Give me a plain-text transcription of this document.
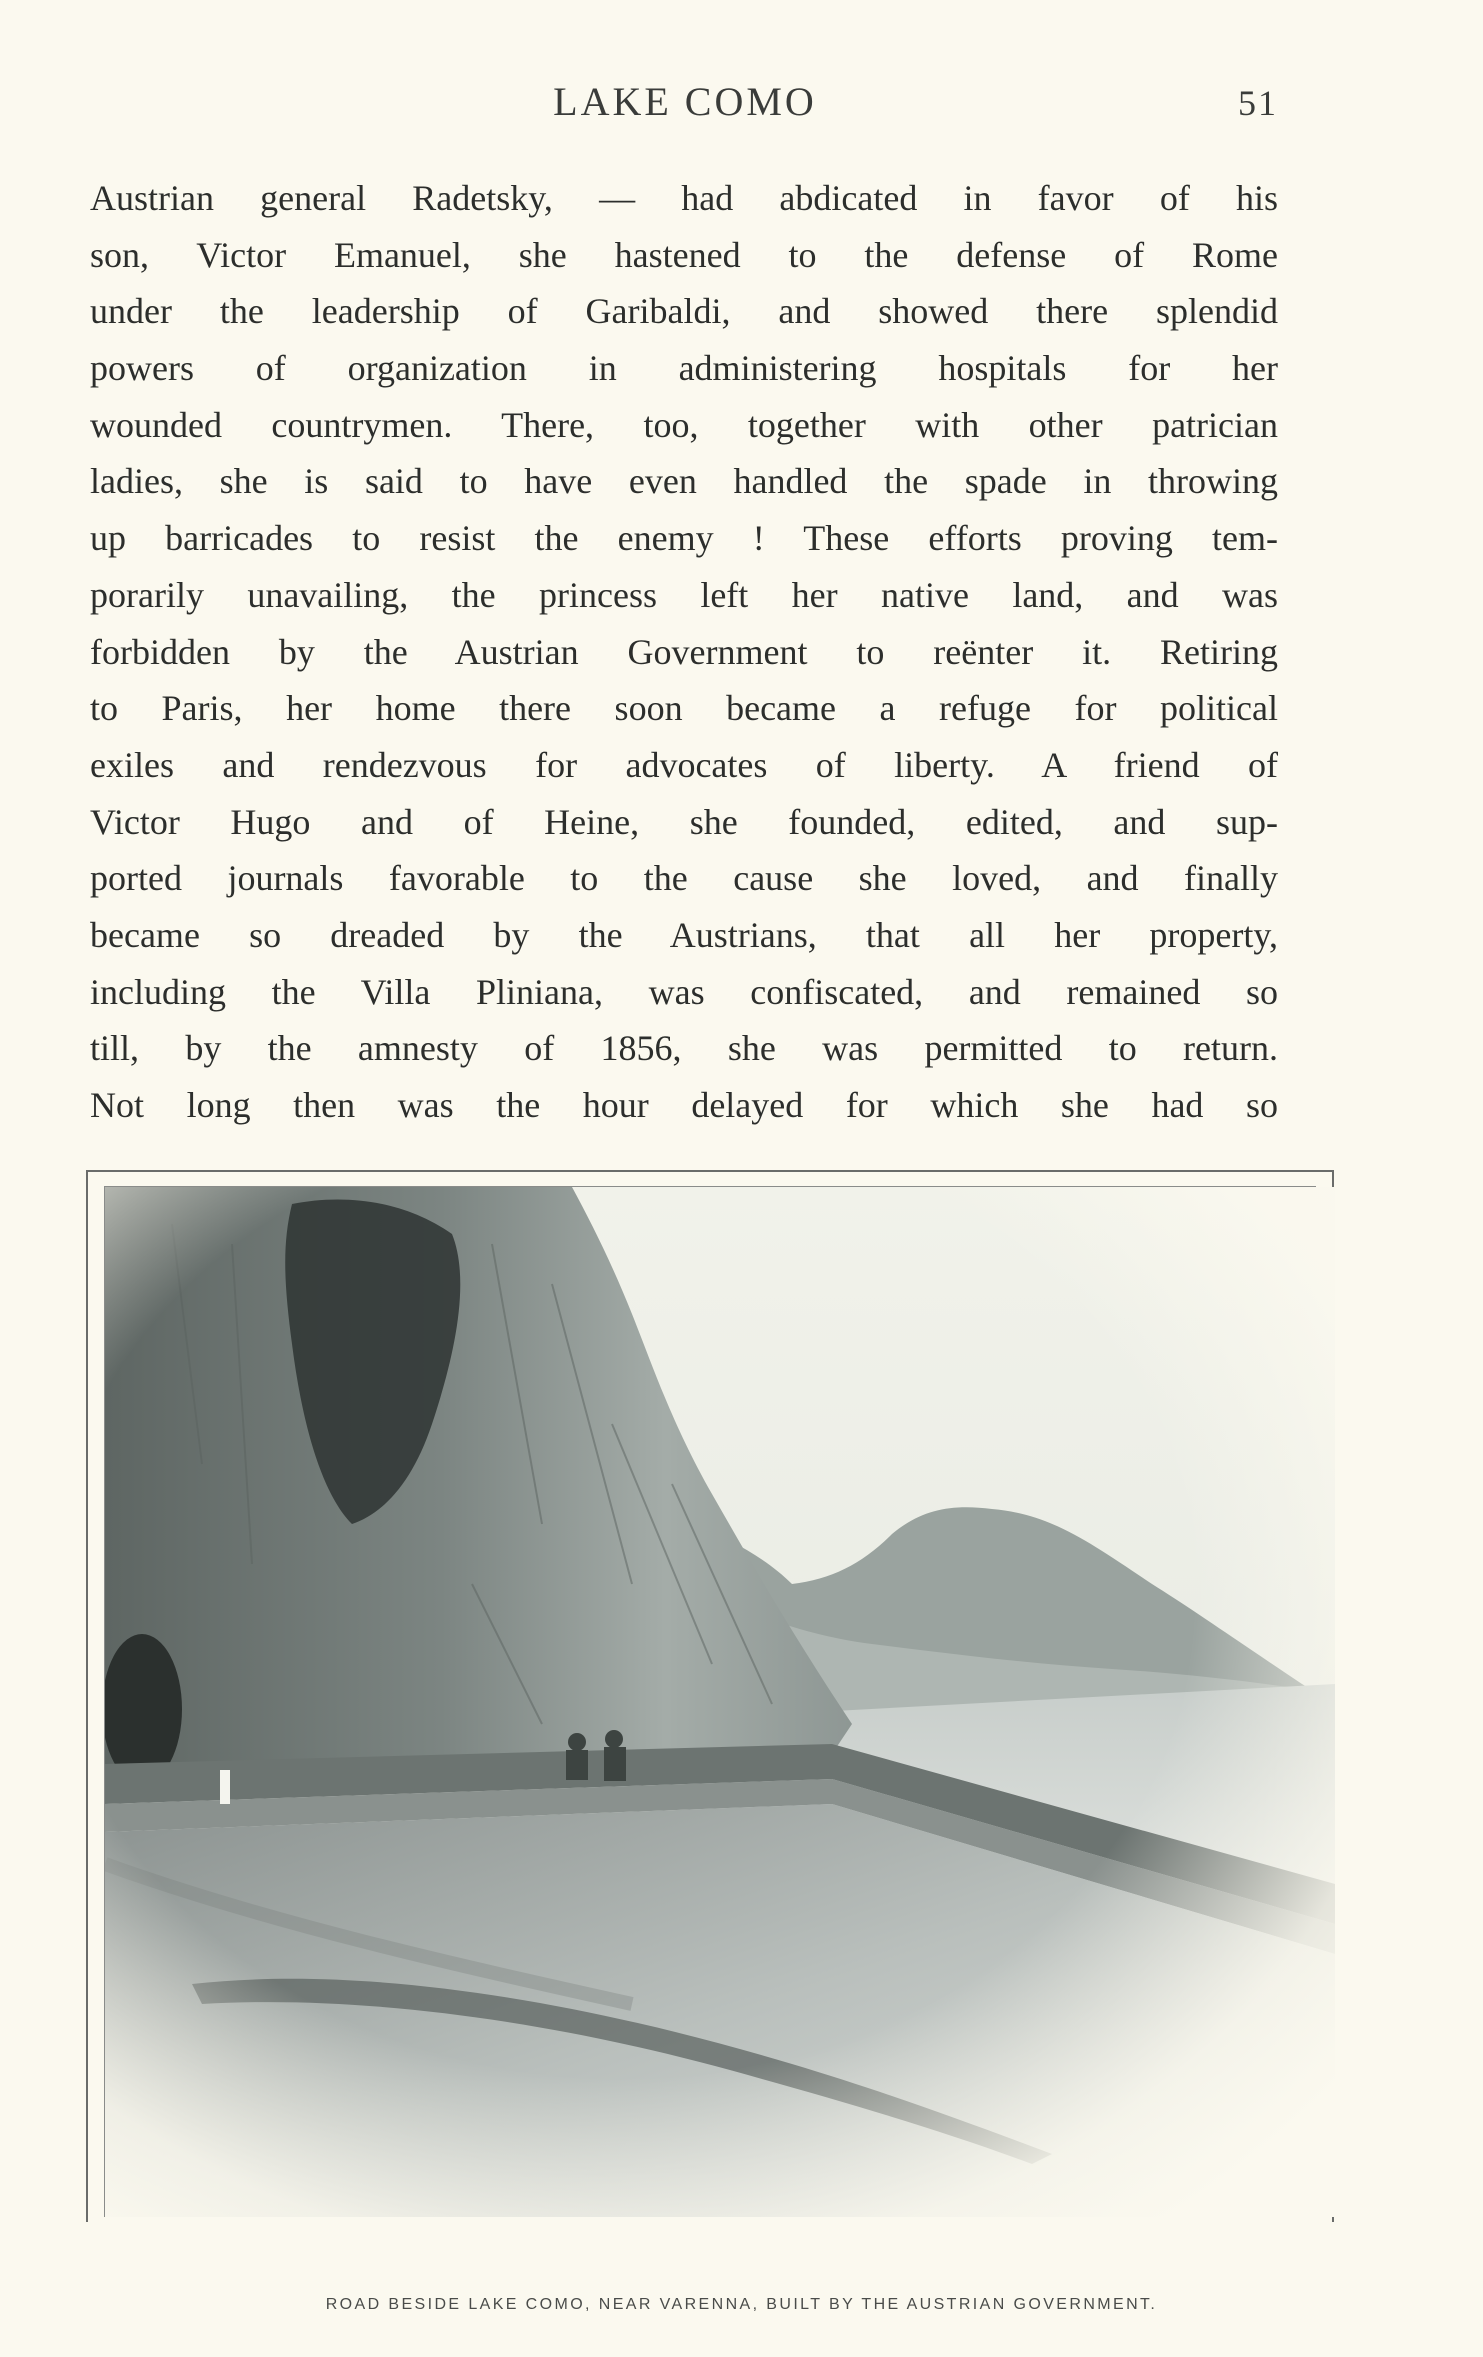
LAKE COMO	51
Austrian general Radetsky, — had abdicated in favor of his
son, Victor Emanuel, she hastened to the defense of Rome
under the leadership of Garibaldi, and showed there splendid
powers of organization in administering hospitals for her
wounded countrymen. There, too, together with other patrician
ladies, she is said to have even handled the spade in throwing
up barricades to resist the enemy ! These efforts proving tem-
porarily unavailing, the princess left her native land, and was
forbidden by the Austrian Government to reënter it. Retiring
to Paris, her home there soon became a refuge for political
exiles and rendezvous for advocates of liberty. A friend of
Victor Hugo and of Heine, she founded, edited, and sup-
ported journals favorable to the cause she loved, and finally
became so dreaded by the Austrians, that all her property,
including the Villa Pliniana, was confiscated, and remained so
till, by the amnesty of 1856, she was permitted to return.
Not long then was the hour delayed for which she had so
ROAD BESIDE LAKE COMO, NEAR VARENNA, BUILT BY THE AUSTRIAN GOVERNMENT.
